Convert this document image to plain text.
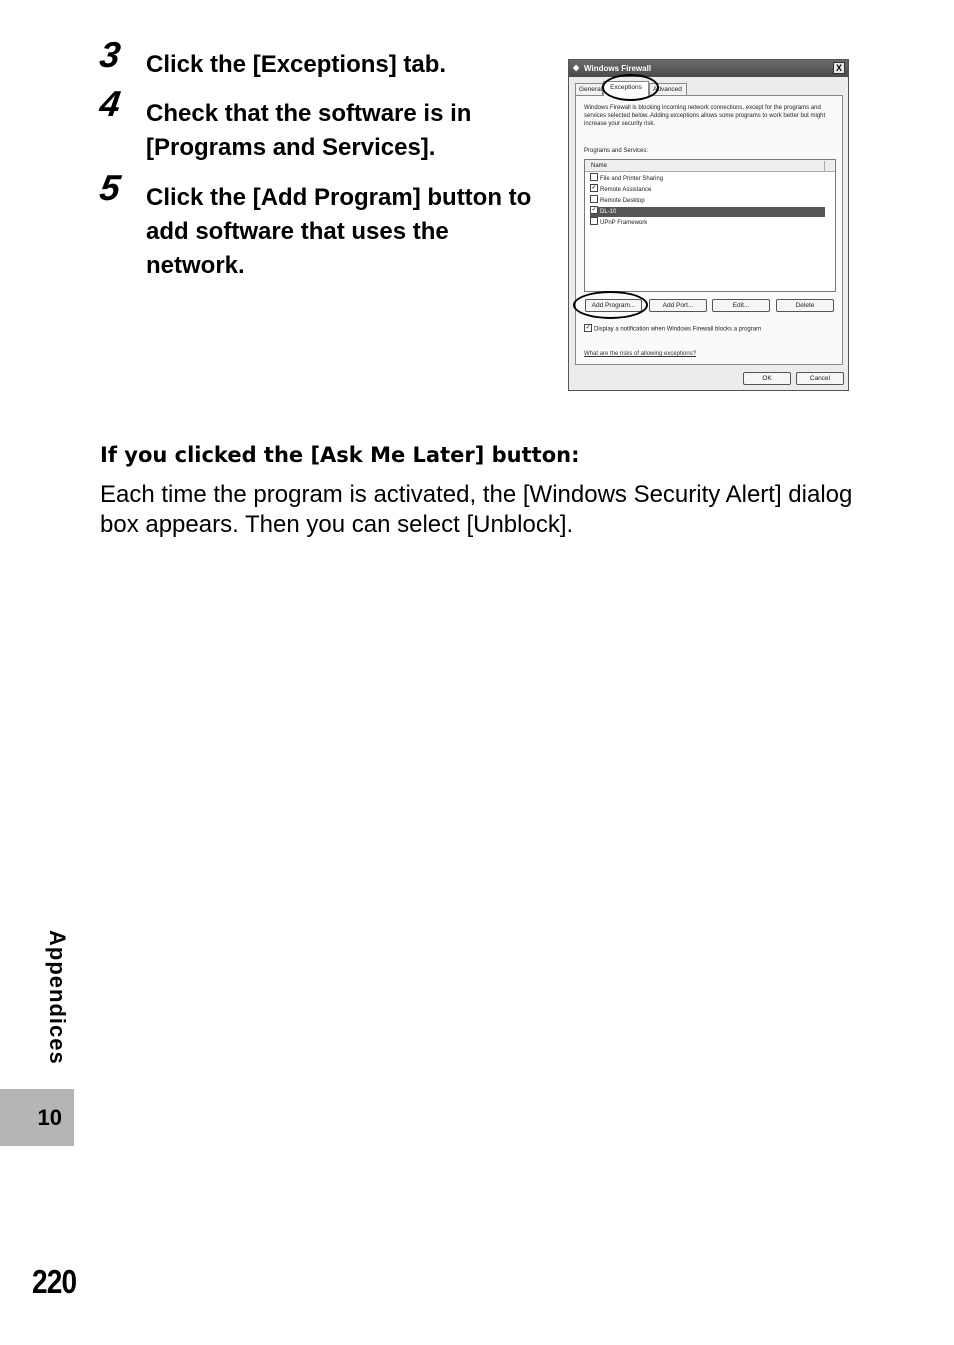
3 Click the [Exceptions] tab.
4 Check that the software is in [Programs and Services].
5 Click the [Add Program] button to add software that uses the network.
◆ Windows Firewall	X
General	Exceptions	Advanced
Windows Firewall is blocking incoming network connections, except for the programs and services selected below. Adding exceptions allows some programs to work better but might increase your security risk.
Programs and Services:
Name
File and Printer Sharing
✓ Remote Assistance
Remote Desktop
✓ DL-10
UPnP Framework
Add Program...	Add Port...	Edit...	Delete
✓ Display a notification when Windows Firewall blocks a program
What are the risks of allowing exceptions?
OK	Cancel
If you clicked the [Ask Me Later] button:
Each time the program is activated, the [Windows Security Alert] dialog box appears. Then you can select [Unblock].
Appendices
10
220
